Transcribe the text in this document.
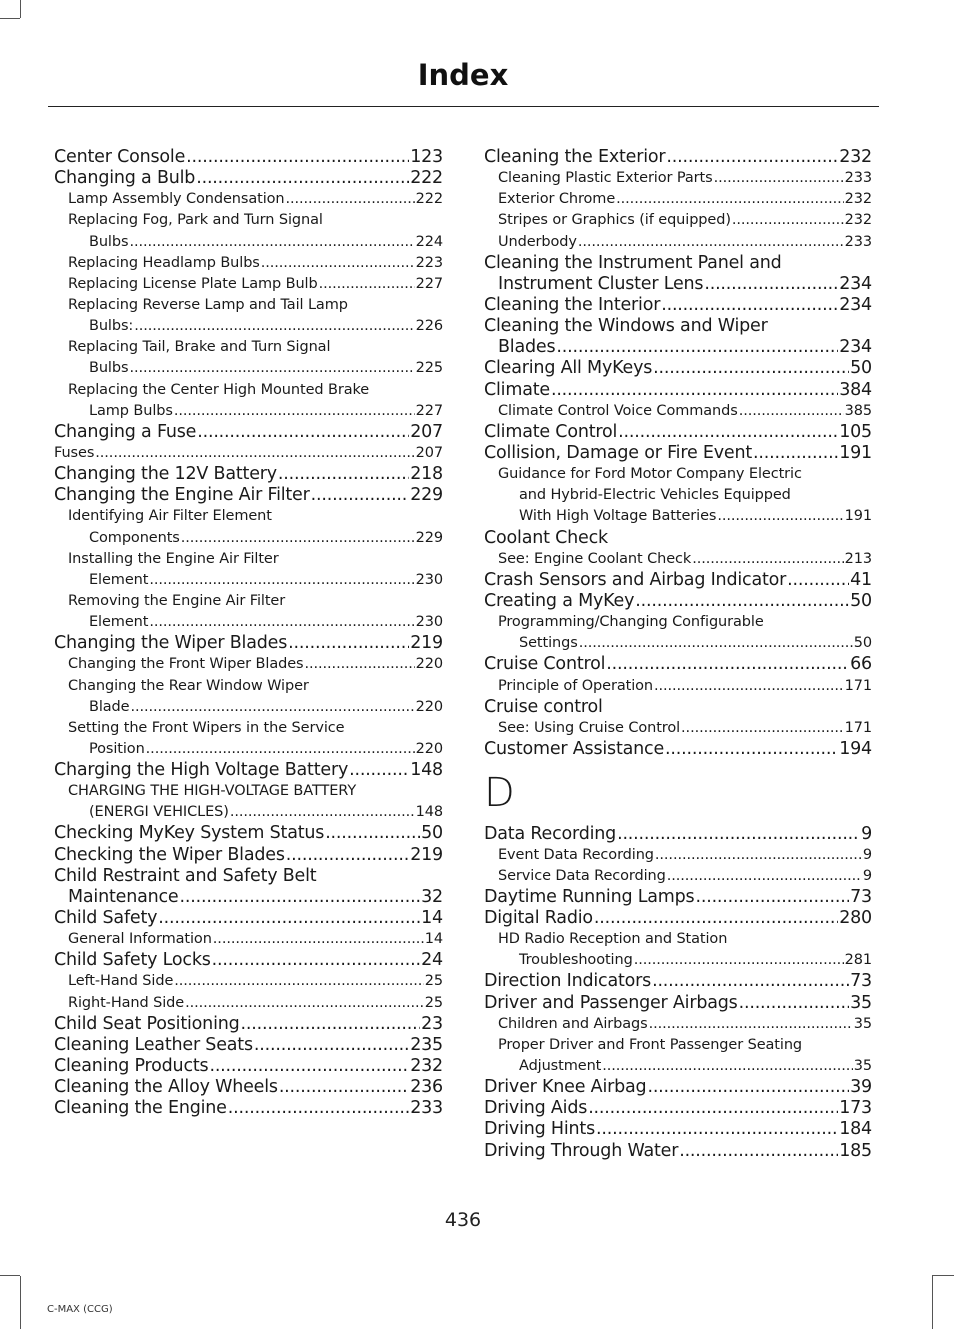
Index
Center Console .....	123
Changing a Bulb .....	222
Lamp Assembly Condensation .....	222
Replacing Fog, Park and Turn Signal
Bulbs .....	224
Replacing Headlamp Bulbs .....	223
Replacing License Plate Lamp Bulb .....	227
Replacing Reverse Lamp and Tail Lamp
Bulbs: .....	226
Replacing Tail, Brake and Turn Signal
Bulbs .....	225
Replacing the Center High Mounted Brake
Lamp Bulbs .....	227
Changing a Fuse .....	207
Fuses .....	207
Changing the 12V Battery .....	218
Changing the Engine Air Filter .....	229
Identifying Air Filter Element
Components .....	229
Installing the Engine Air Filter
Element .....	230
Removing the Engine Air Filter
Element .....	230
Changing the Wiper Blades .....	219
Changing the Front Wiper Blades .....	220
Changing the Rear Window Wiper
Blade .....	220
Setting the Front Wipers in the Service
Position .....	220
Charging the High Voltage Battery .....	148
CHARGING THE HIGH-VOLTAGE BATTERY
(ENERGI VEHICLES) .....	148
Checking MyKey System Status .....	50
Checking the Wiper Blades .....	219
Child Restraint and Safety Belt
Maintenance .....	32
Child Safety .....	14
General Information .....	14
Child Safety Locks .....	24
Left-Hand Side .....	25
Right-Hand Side .....	25
Child Seat Positioning .....	23
Cleaning Leather Seats .....	235
Cleaning Products .....	232
Cleaning the Alloy Wheels .....	236
Cleaning the Engine .....	233
Cleaning the Exterior .....	232
Cleaning Plastic Exterior Parts .....	233
Exterior Chrome .....	232
Stripes or Graphics (if equipped) .....	232
Underbody .....	233
Cleaning the Instrument Panel and
Instrument Cluster Lens .....	234
Cleaning the Interior .....	234
Cleaning the Windows and Wiper
Blades .....	234
Clearing All MyKeys .....	50
Climate .....	384
Climate Control Voice Commands .....	385
Climate Control .....	105
Collision, Damage or Fire Event .....	191
Guidance for Ford Motor Company Electric
and Hybrid-Electric Vehicles Equipped
With High Voltage Batteries .....	191
Coolant Check
See: Engine Coolant Check .....	213
Crash Sensors and Airbag Indicator .....	41
Creating a MyKey .....	50
Programming/Changing Configurable
Settings .....	50
Cruise Control .....	66
Principle of Operation .....	171
Cruise control
See: Using Cruise Control .....	171
Customer Assistance .....	194
D
Data Recording .....	9
Event Data Recording .....	9
Service Data Recording .....	9
Daytime Running Lamps .....	73
Digital Radio .....	280
HD Radio Reception and Station
Troubleshooting .....	281
Direction Indicators .....	73
Driver and Passenger Airbags .....	35
Children and Airbags .....	35
Proper Driver and Front Passenger Seating
Adjustment .....	35
Driver Knee Airbag .....	39
Driving Aids .....	173
Driving Hints .....	184
Driving Through Water .....	185
436
C-MAX (CCG)
